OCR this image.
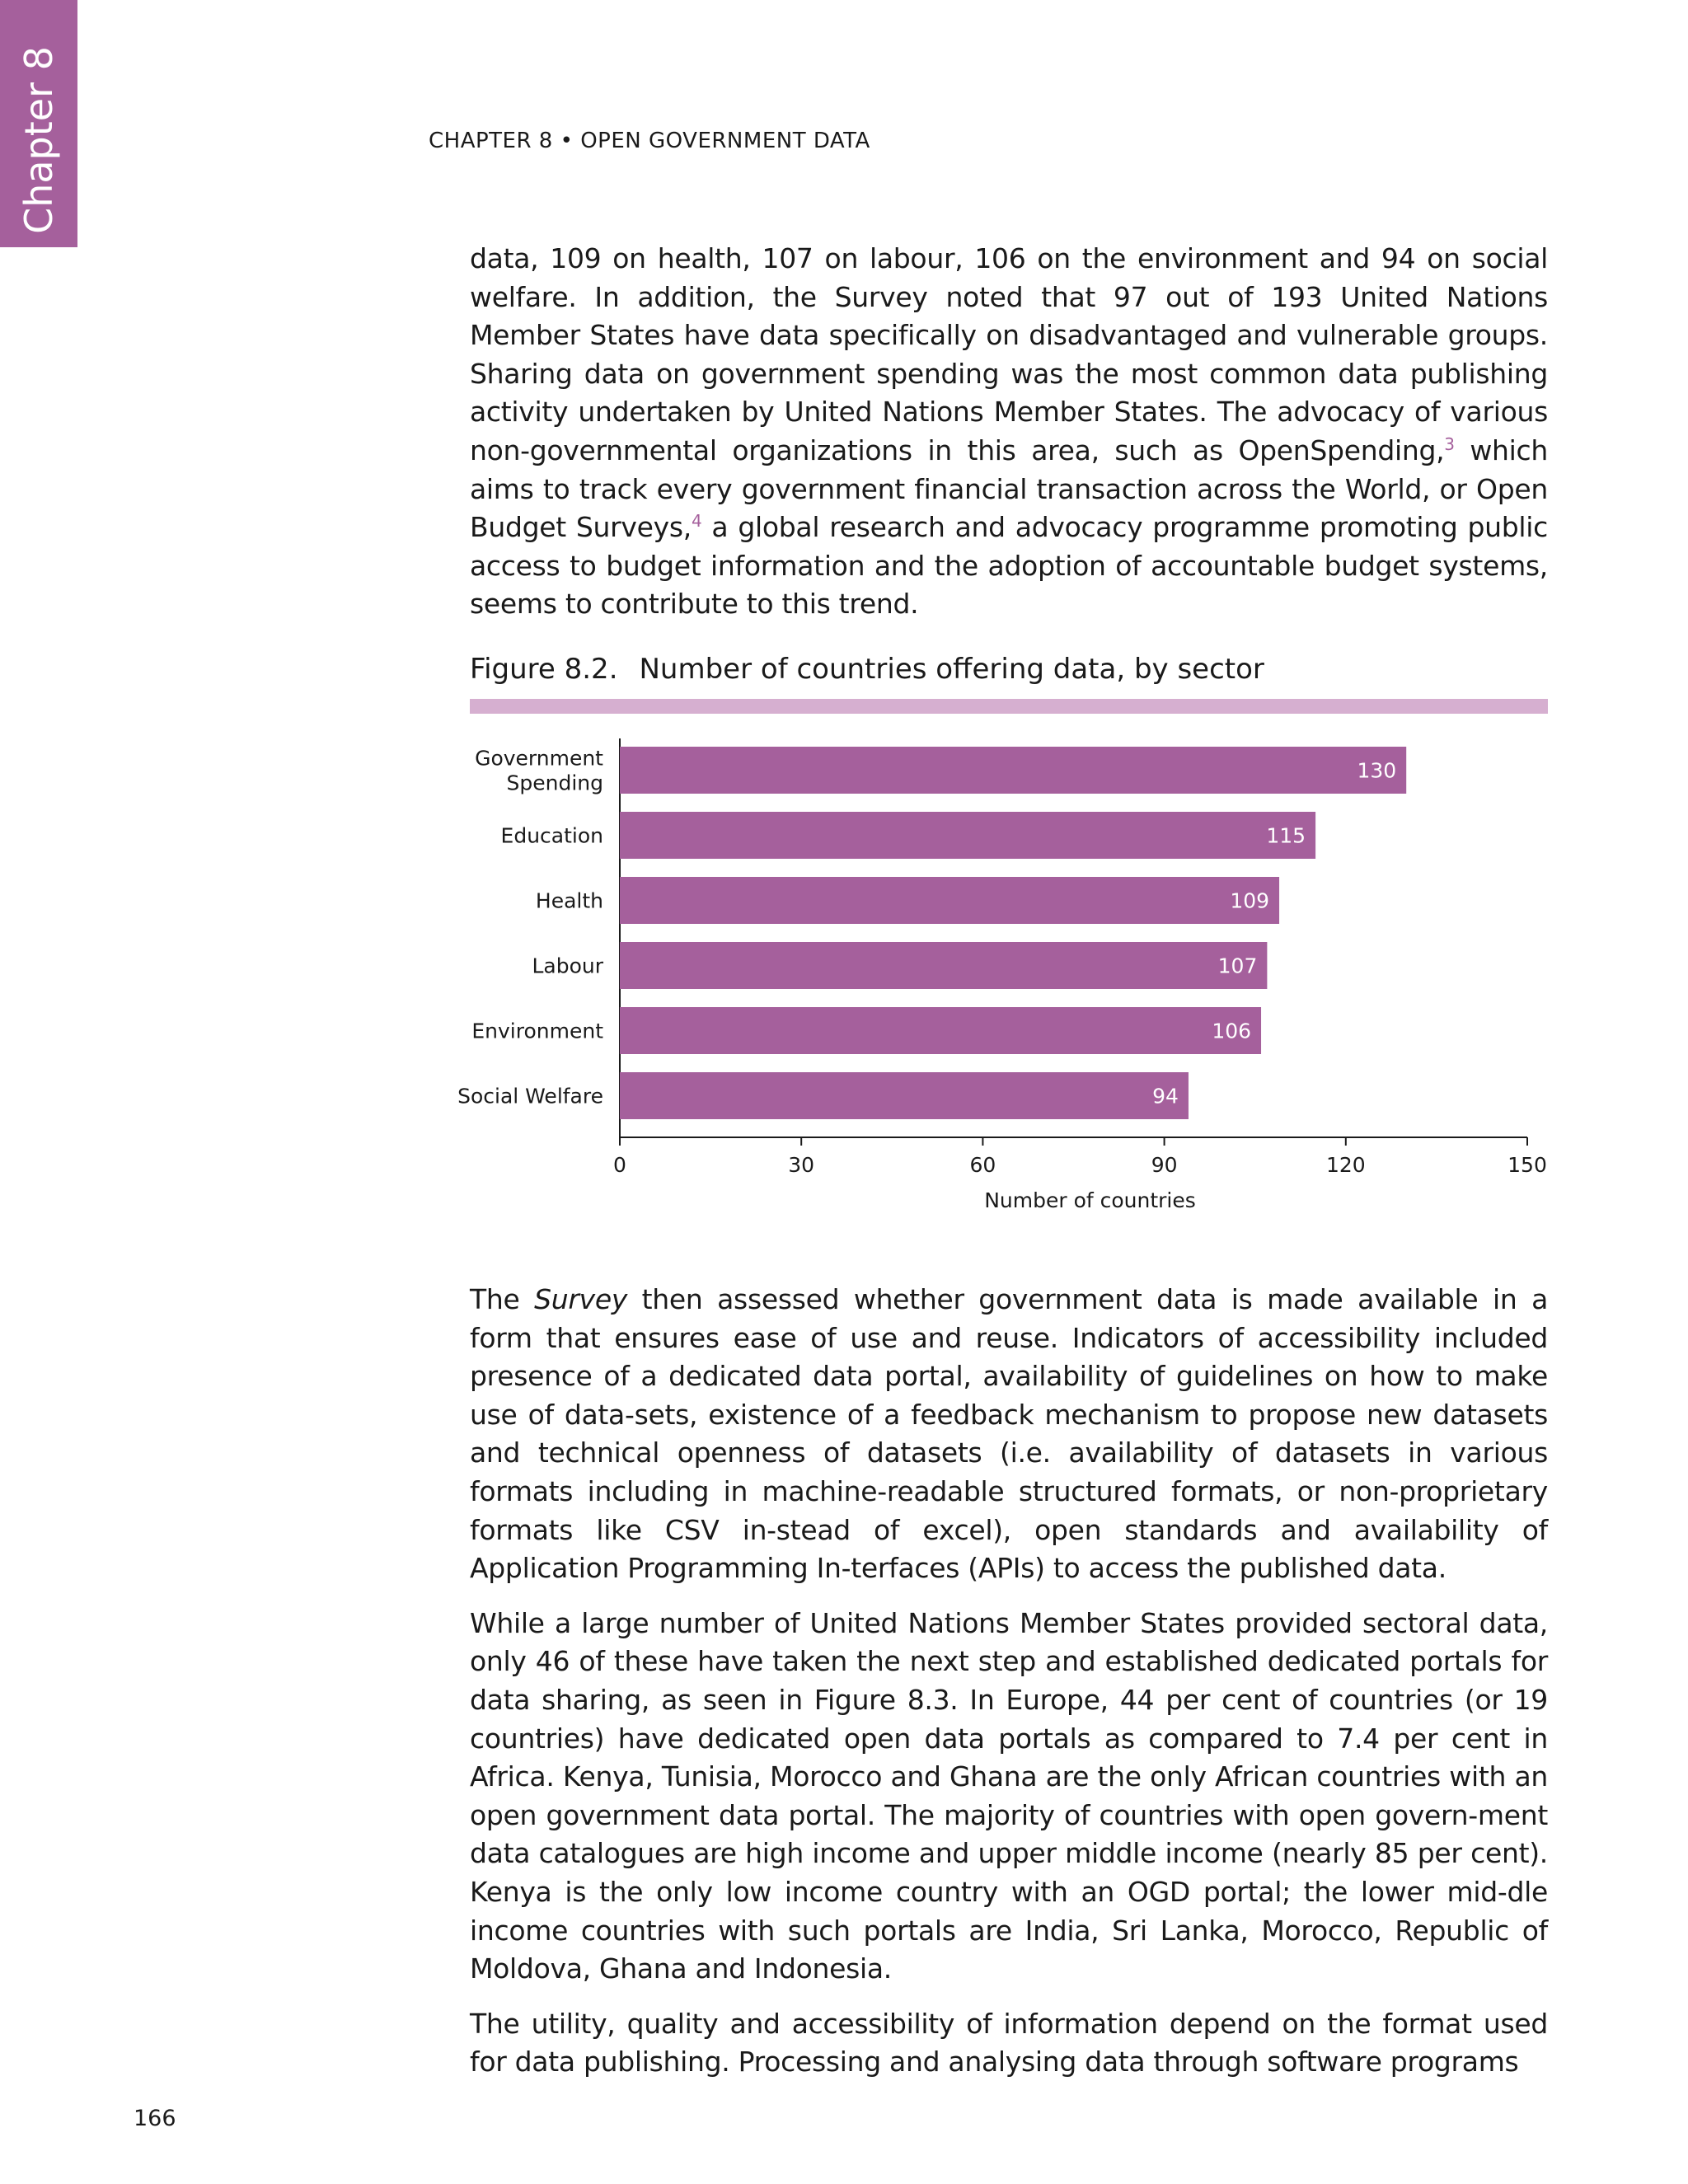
Chapter 8	CHAPTER 8 • OPEN GOVERNMENT DATA

data, 109 on health, 107 on labour, 106 on the environment and 94 on social welfare. In addition, the Survey noted that 97 out of 193 United Nations Member States have data specifically on disadvantaged and vulnerable groups. Sharing data on government spending was the most common data publishing activity undertaken by United Nations Member States. The advocacy of various non-governmental organizations in this area, such as OpenSpending,$^3$ which aims to track every government financial transaction across the World, or Open Budget Surveys,$^4$ a global research and advocacy programme promoting public access to budget information and the adoption of accountable budget systems, seems to contribute to this trend.

Figure 8.2. Number of countries offering data, by sector
130
Government
Spending
115
Education
109
Health
107
Labour
106
Environment
94
Social Welfare
0	30	60	90	120	150
Number of countries

The Survey then assessed whether government data is made available in a form that ensures ease of use and reuse. Indicators of accessibility included presence of a dedicated data portal, availability of guidelines on how to make use of data-sets, existence of a feedback mechanism to propose new datasets and technical openness of datasets (i.e. availability of datasets in various formats including in machine-readable structured formats, or non-proprietary formats like CSV in-stead of excel), open standards and availability of Application Programming In-terfaces (APIs) to access the published data.

While a large number of United Nations Member States provided sectoral data, only 46 of these have taken the next step and established dedicated portals for data sharing, as seen in Figure 8.3. In Europe, 44 per cent of countries (or 19 countries) have dedicated open data portals as compared to 7.4 per cent in Africa. Kenya, Tunisia, Morocco and Ghana are the only African countries with an open government data portal. The majority of countries with open govern-ment data catalogues are high income and upper middle income (nearly 85 per cent). Kenya is the only low income country with an OGD portal; the lower mid-dle income countries with such portals are India, Sri Lanka, Morocco, Republic of Moldova, Ghana and Indonesia.

The utility, quality and accessibility of information depend on the format used for data publishing. Processing and analysing data through software programs

166
